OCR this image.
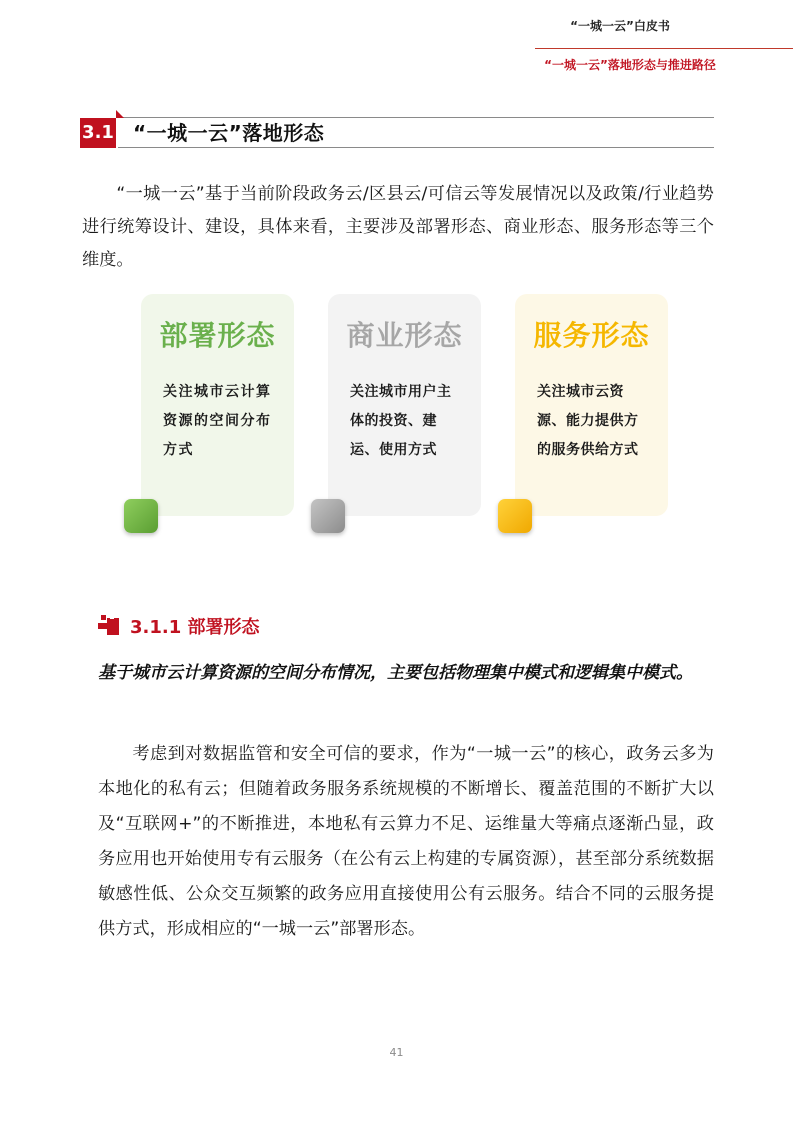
“一城一云”白皮书
“一城一云”落地形态与推进路径
3.1 “一城一云”落地形态

“一城一云”基于当前阶段政务云/区县云/可信云等发展情况以及政策/行业趋势进行统筹设计、建设，具体来看，主要涉及部署形态、商业形态、服务形态等三个维度。

部署形态
关注城市云计算资源的空间分布方式
商业形态
关注城市用户主体的投资、建运、使用方式
服务形态
关注城市云资源、能力提供方的服务供给方式
3.1.1 部署形态
基于城市云计算资源的空间分布情况，主要包括物理集中模式和逻辑集中模式。

考虑到对数据监管和安全可信的要求，作为“一城一云”的核心，政务云多为本地化的私有云；但随着政务服务系统规模的不断增长、覆盖范围的不断扩大以及“互联网+”的不断推进，本地私有云算力不足、运维量大等痛点逐渐凸显，政务应用也开始使用专有云服务（在公有云上构建的专属资源），甚至部分系统数据敏感性低、公众交互频繁的政务应用直接使用公有云服务。结合不同的云服务提供方式，形成相应的“一城一云”部署形态。

41
